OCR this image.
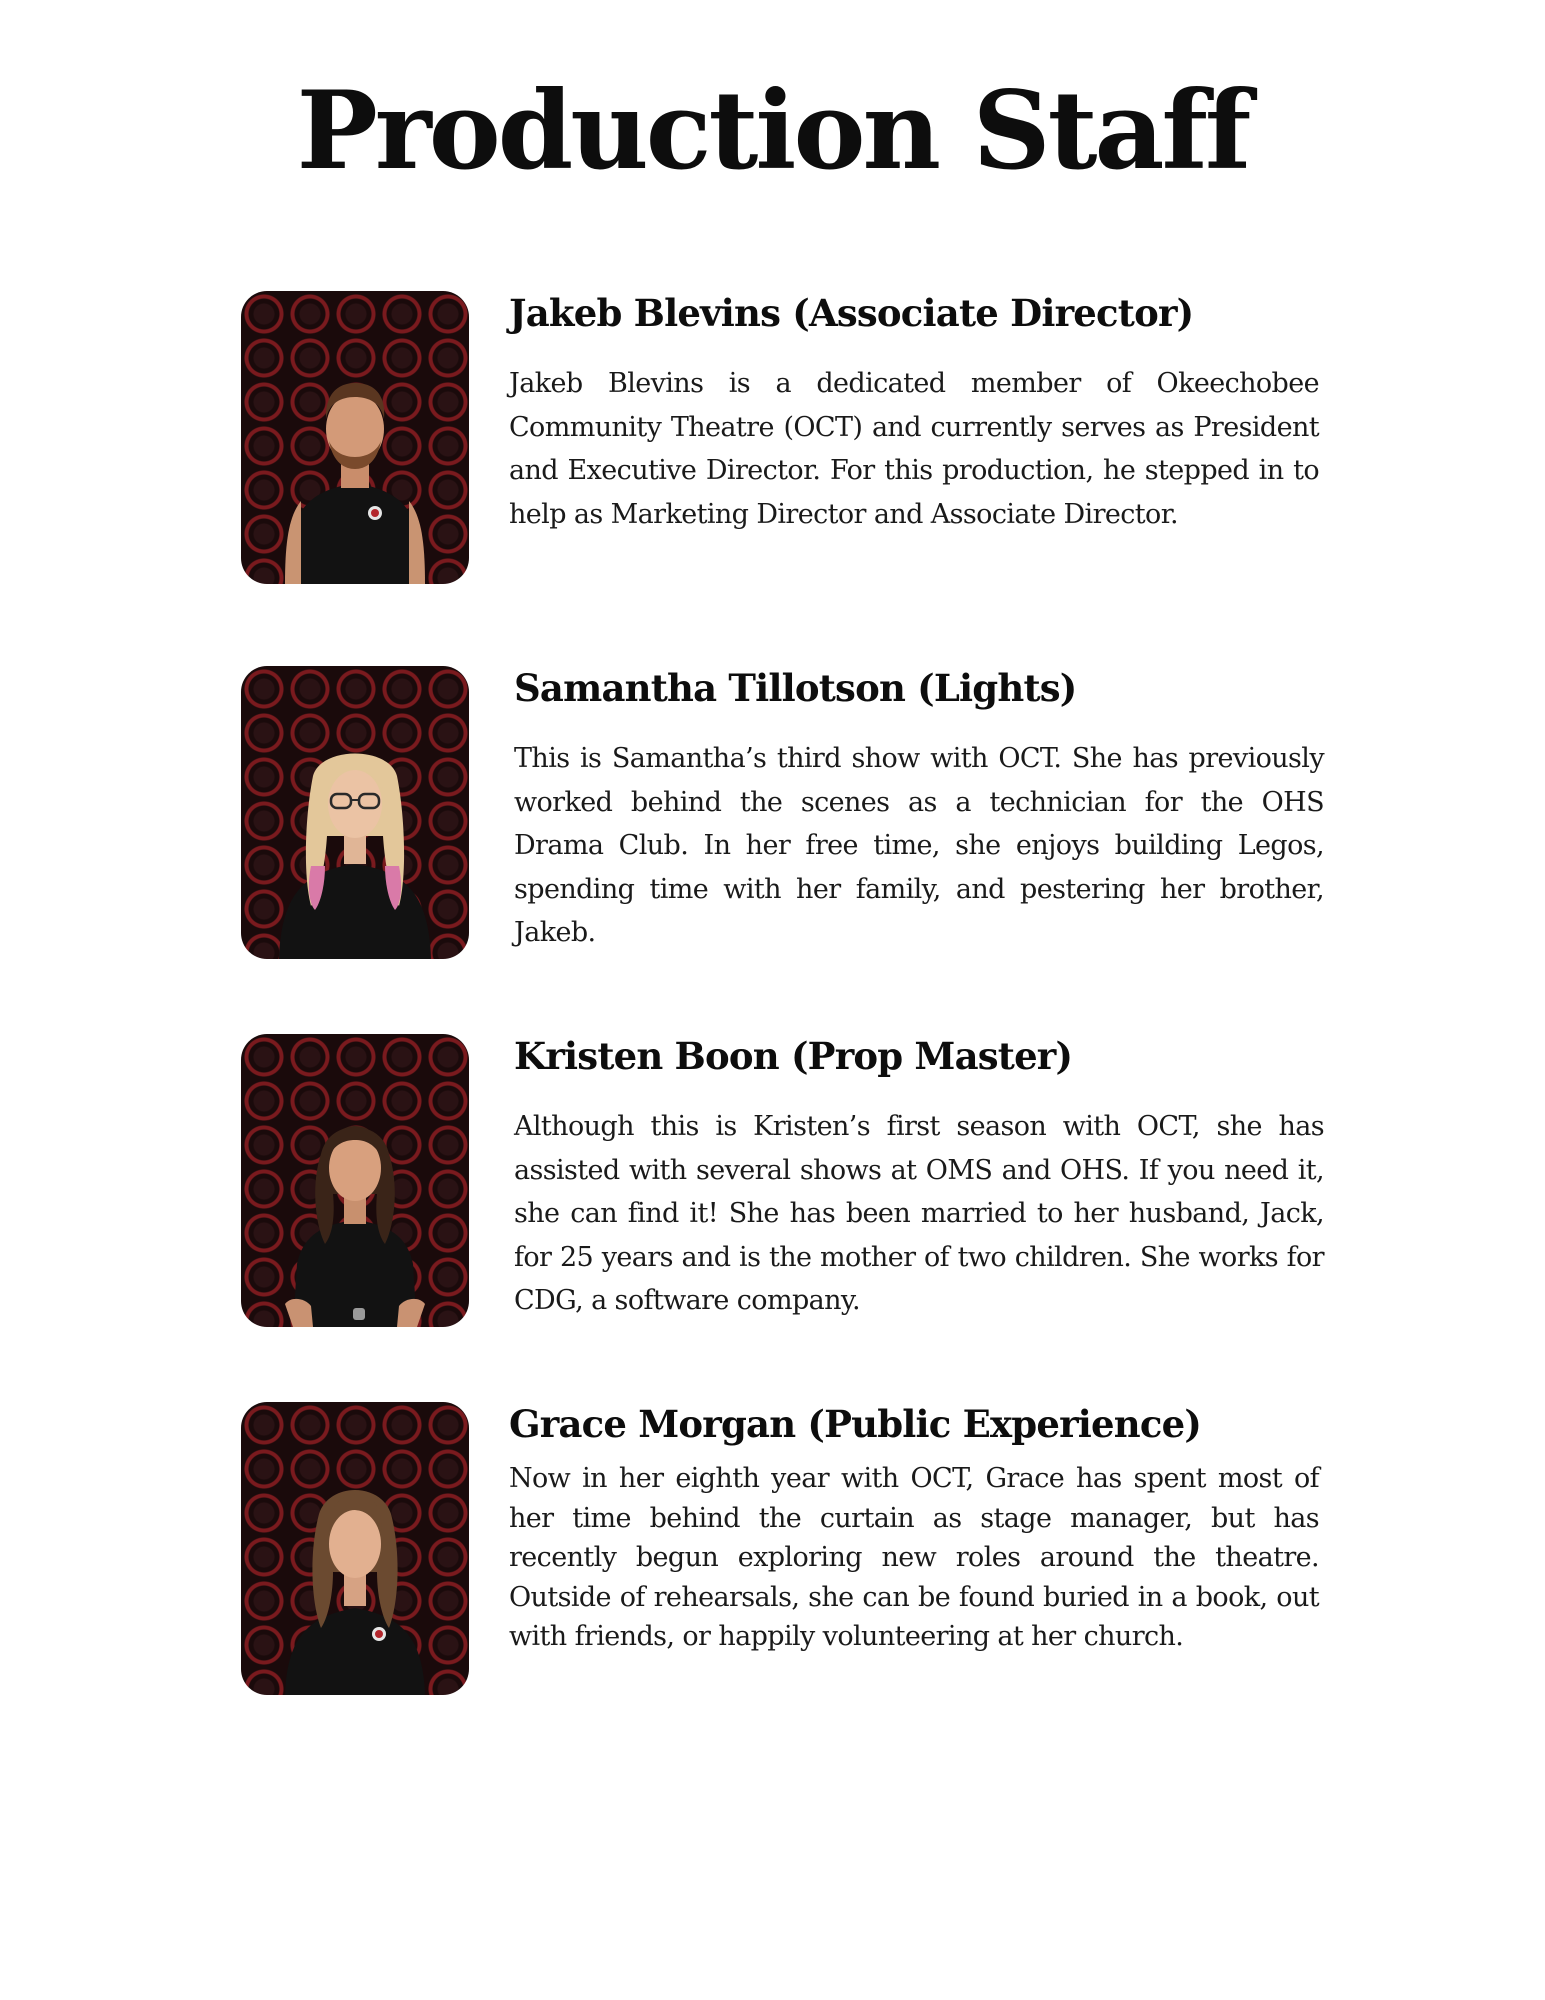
Production Staff
Jakeb Blevins (Associate Director)

Jakeb Blevins is a dedicated member of Okeechobee Community Theatre (OCT) and currently serves as President and Executive Director. For this production, he stepped in to help as Marketing Director and Associate Director.

Samantha Tillotson (Lights)

This is Samantha’s third show with OCT. She has previously worked behind the scenes as a technician for the OHS Drama Club. In her free time, she enjoys building Legos, spending time with her family, and pestering her brother, Jakeb.

Kristen Boon (Prop Master)

Although this is Kristen’s first season with OCT, she has assisted with several shows at OMS and OHS. If you need it, she can find it! She has been married to her husband, Jack, for 25 years and is the mother of two children. She works for CDG, a software company.

Grace Morgan (Public Experience)

Now in her eighth year with OCT, Grace has spent most of her time behind the curtain as stage manager, but has recently begun exploring new roles around the theatre. Outside of rehearsals, she can be found buried in a book, out with friends, or happily volunteering at her church.
